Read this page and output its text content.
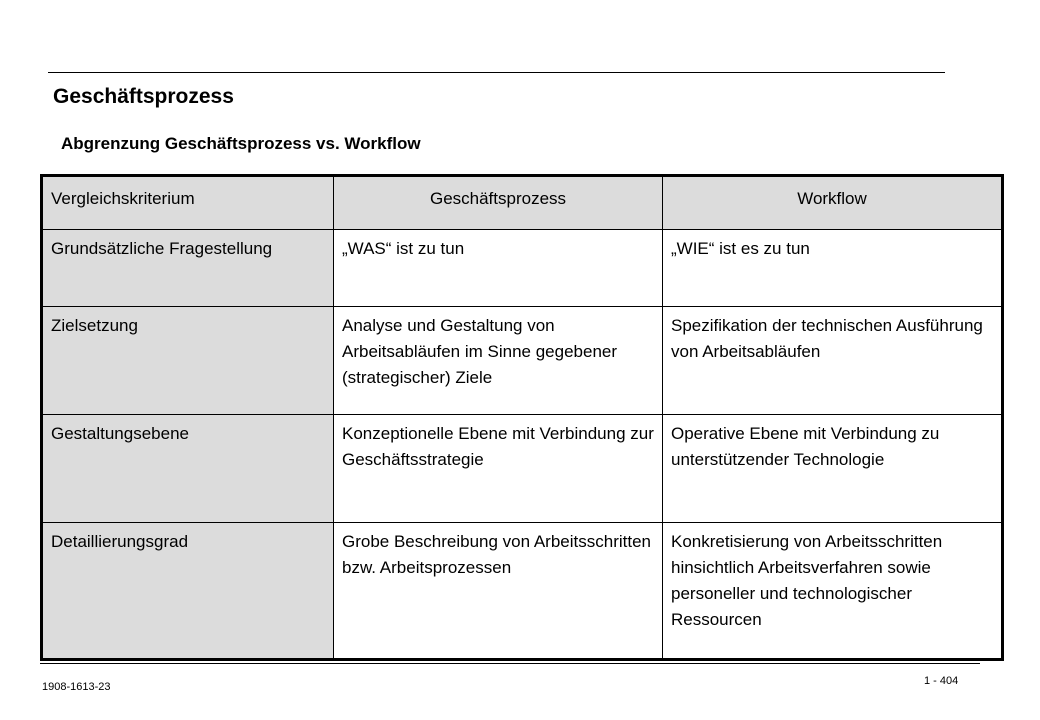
Geschäftsprozess
Abgrenzung Geschäftsprozess vs. Workflow
Vergleichskriterium	Geschäftsprozess	Workflow
Grundsätzliche Fragestellung	„WAS“ ist zu tun	„WIE“ ist es zu tun
Zielsetzung	Analyse und Gestaltung von Arbeitsabläufen im Sinne gegebener (strategischer) Ziele	Spezifikation der technischen Ausführung von Arbeitsabläufen
Gestaltungsebene	Konzeptionelle Ebene mit Verbindung zur Geschäftsstrategie	Operative Ebene mit Verbindung zu unterstützender Technologie
Detaillierungsgrad	Grobe Beschreibung von Arbeitsschritten bzw. Arbeitsprozessen	Konkretisierung von Arbeitsschritten hinsichtlich Arbeitsverfahren sowie personeller und technologischer Ressourcen
1908-1613-23	1 - 404
